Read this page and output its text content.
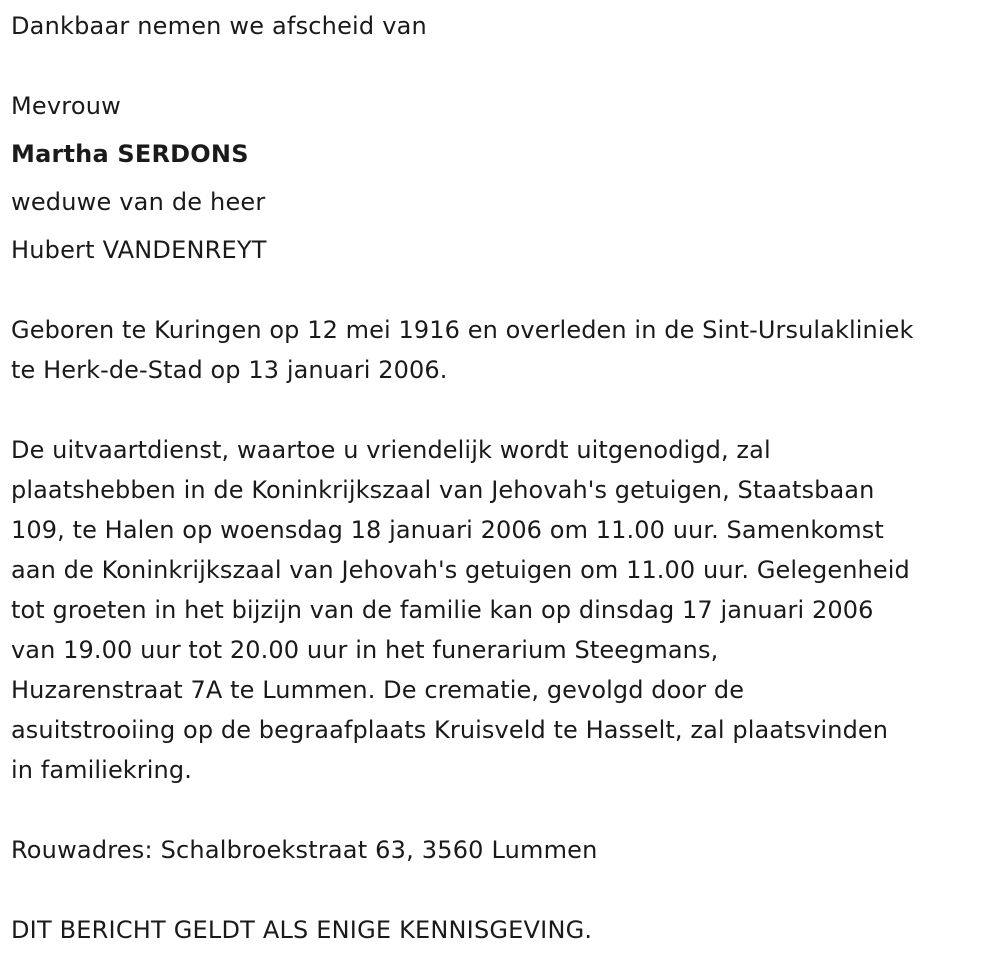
Dankbaar nemen we afscheid van
Mevrouw
Martha SERDONS
weduwe van de heer
Hubert VANDENREYT
Geboren te Kuringen op 12 mei 1916 en overleden in de Sint-Ursulakliniek
te Herk-de-Stad op 13 januari 2006.
De uitvaartdienst, waartoe u vriendelijk wordt uitgenodigd, zal
plaatshebben in de Koninkrijkszaal van Jehovah's getuigen, Staatsbaan
109, te Halen op woensdag 18 januari 2006 om 11.00 uur. Samenkomst
aan de Koninkrijkszaal van Jehovah's getuigen om 11.00 uur. Gelegenheid
tot groeten in het bijzijn van de familie kan op dinsdag 17 januari 2006
van 19.00 uur tot 20.00 uur in het funerarium Steegmans,
Huzarenstraat 7A te Lummen. De crematie, gevolgd door de
asuitstrooiing op de begraafplaats Kruisveld te Hasselt, zal plaatsvinden
in familiekring.
Rouwadres: Schalbroekstraat 63, 3560 Lummen
DIT BERICHT GELDT ALS ENIGE KENNISGEVING.
